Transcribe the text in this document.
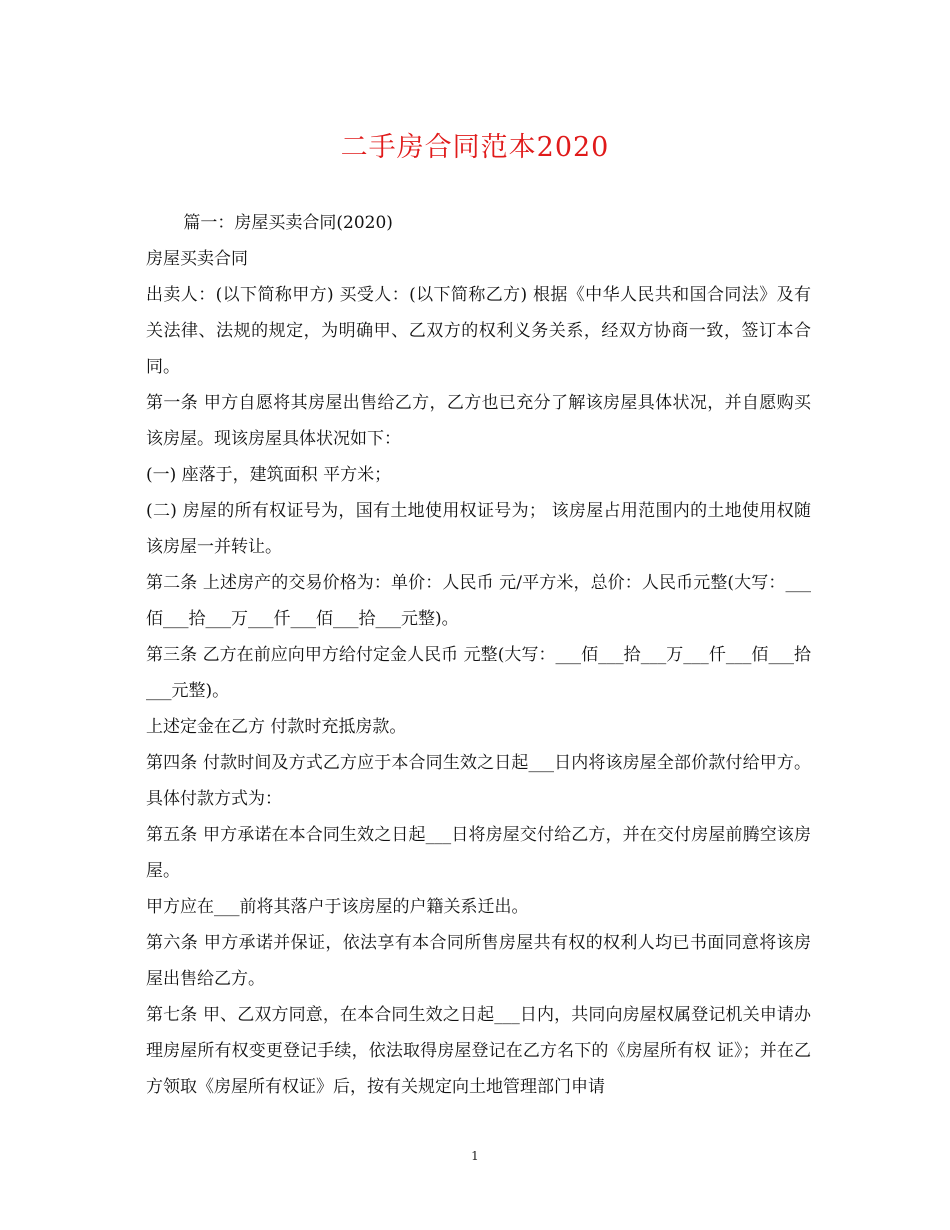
二手房合同范本2020

篇一：房屋买卖合同(2020)

房屋买卖合同

出卖人：(以下简称甲方) 买受人：(以下简称乙方) 根据《中华人民共和国合同法》及有关法律、法规的规定，为明确甲、乙双方的权利义务关系，经双方协商一致，签订本合同。

第一条 甲方自愿将其房屋出售给乙方，乙方也已充分了解该房屋具体状况，并自愿购买该房屋。现该房屋具体状况如下：

(一) 座落于，建筑面积 平方米；

(二) 房屋的所有权证号为，国有土地使用权证号为； 该房屋占用范围内的土地使用权随该房屋一并转让。

第二条 上述房产的交易价格为：单价：人民币 元/平方米，总价：人民币元整(大写：___佰___拾___万___仟___佰___拾___元整)。

第三条 乙方在前应向甲方给付定金人民币 元整(大写：___佰___拾___万___仟___佰___拾___元整)。

上述定金在乙方 付款时充抵房款。

第四条 付款时间及方式乙方应于本合同生效之日起___日内将该房屋全部价款付给甲方。具体付款方式为：

第五条 甲方承诺在本合同生效之日起___日将房屋交付给乙方，并在交付房屋前腾空该房屋。

甲方应在___前将其落户于该房屋的户籍关系迁出。

第六条 甲方承诺并保证，依法享有本合同所售房屋共有权的权利人均已书面同意将该房屋出售给乙方。

第七条 甲、乙双方同意，在本合同生效之日起___日内，共同向房屋权属登记机关申请办理房屋所有权变更登记手续，依法取得房屋登记在乙方名下的《房屋所有权 证》；并在乙方领取《房屋所有权证》后，按有关规定向土地管理部门申请

1
